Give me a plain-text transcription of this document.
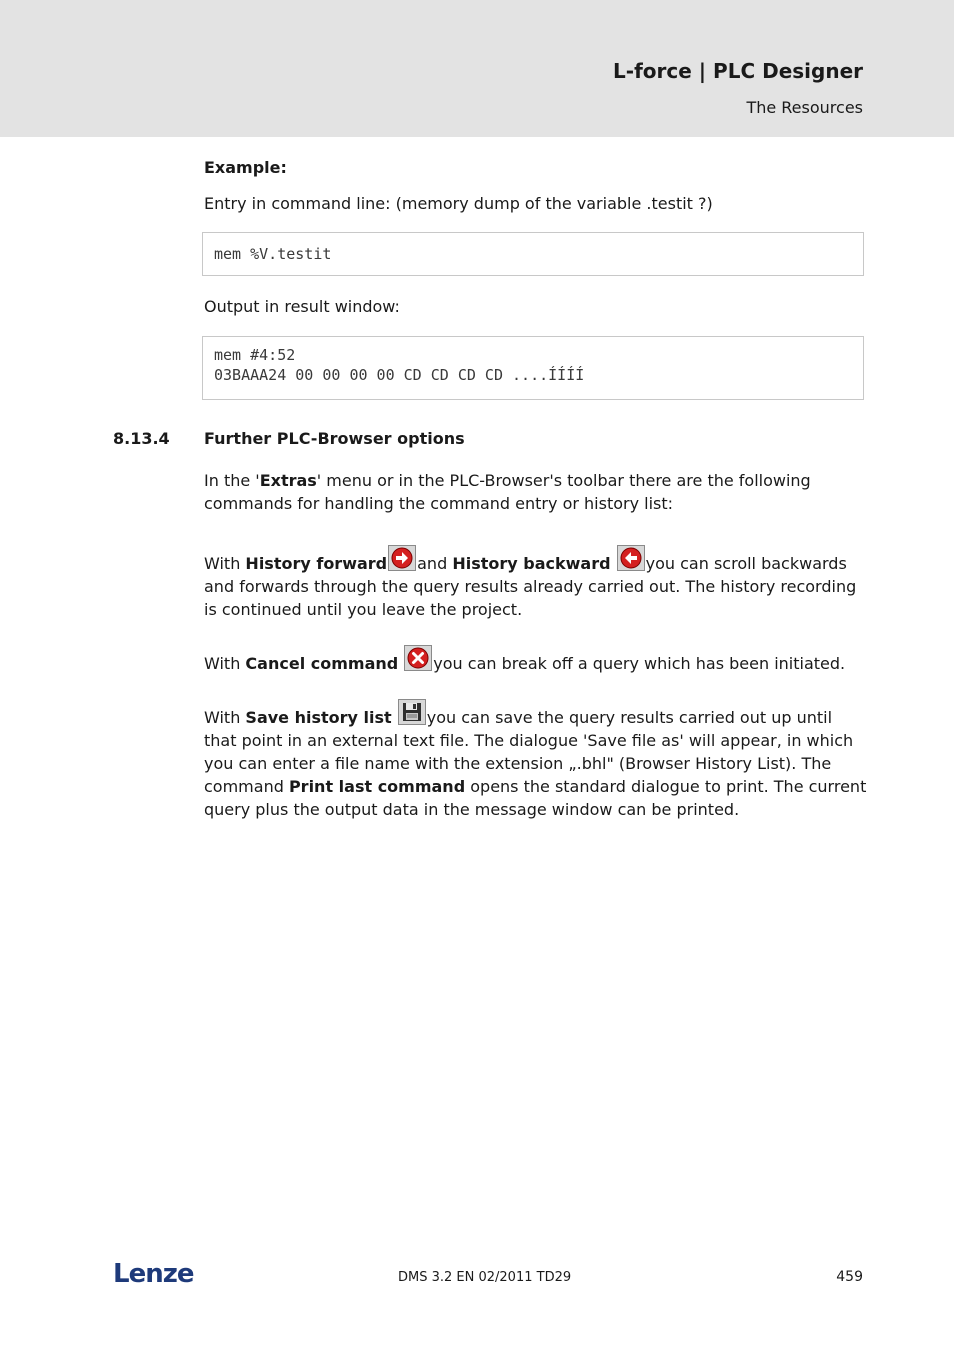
L-force | PLC Designer
The Resources
Example:
Entry in command line: (memory dump of the variable .testit ?)
mem %V.testit
Output in result window:
mem #4:52
03BAAA24 00 00 00 00 CD CD CD CD ....ÍÍÍÍ
8.13.4 Further PLC-Browser options
In the 'Extras' menu or in the PLC-Browser's toolbar there are the following commands for handling the command entry or history list:
With History forward and History backward you can scroll backwards and forwards through the query results already carried out. The history recording is continued until you leave the project.
With Cancel command you can break off a query which has been initiated.
With Save history list you can save the query results carried out up until that point in an external text file. The dialogue 'Save file as' will appear, in which you can enter a file name with the extension „.bhl" (Browser History List). The command Print last command opens the standard dialogue to print. The current query plus the output data in the message window can be printed.
Lenze	DMS 3.2 EN 02/2011 TD29	459
